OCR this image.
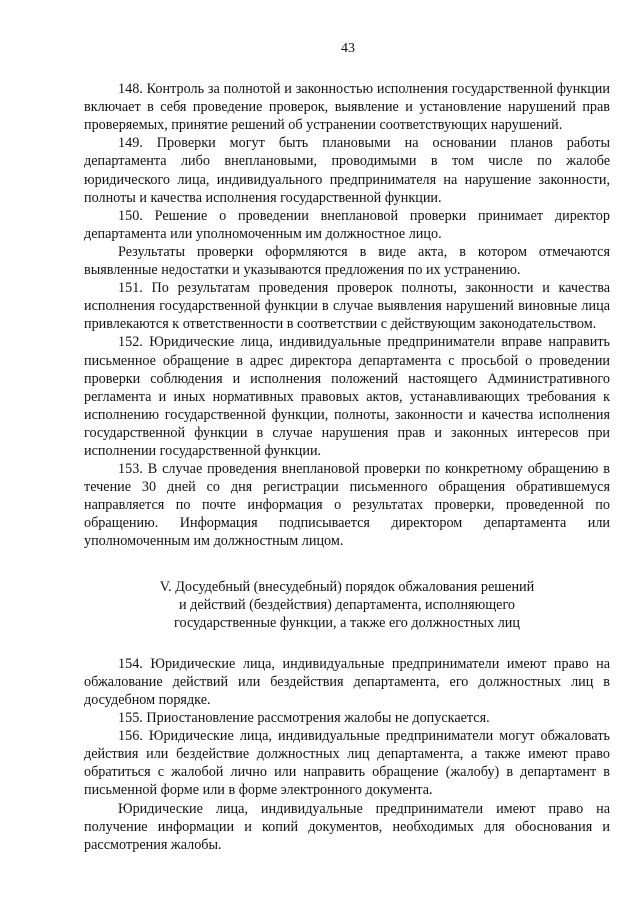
43

148. Контроль за полнотой и законностью исполнения государственной функции включает в себя проведение проверок, выявление и установление нарушений прав проверяемых, принятие решений об устранении соответствующих нарушений.

149. Проверки могут быть плановыми на основании планов работы департамента либо внеплановыми, проводимыми в том числе по жалобе юридического лица, индивидуального предпринимателя на нарушение законности, полноты и качества исполнения государственной функции.

150. Решение о проведении внеплановой проверки принимает директор департамента или уполномоченным им должностное лицо.

Результаты проверки оформляются в виде акта, в котором отмечаются выявленные недостатки и указываются предложения по их устранению.

151. По результатам проведения проверок полноты, законности и качества исполнения государственной функции в случае выявления нарушений виновные лица привлекаются к ответственности в соответствии с действующим законодательством.

152. Юридические лица, индивидуальные предприниматели вправе направить письменное обращение в адрес директора департамента с просьбой о проведении проверки соблюдения и исполнения положений настоящего Административного регламента и иных нормативных правовых актов, устанавливающих требования к исполнению государственной функции, полноты, законности и качества исполнения государственной функции в случае нарушения прав и законных интересов при исполнении государственной функции.

153. В случае проведения внеплановой проверки по конкретному обращению в течение 30 дней со дня регистрации письменного обращения обратившемуся направляется по почте информация о результатах проверки, проведенной по обращению. Информация подписывается директором департамента или уполномоченным им должностным лицом.

V. Досудебный (внесудебный) порядок обжалования решений
и действий (бездействия) департамента, исполняющего
государственные функции, а также его должностных лиц

154. Юридические лица, индивидуальные предприниматели имеют право на обжалование действий или бездействия департамента, его должностных лиц в досудебном порядке.

155. Приостановление рассмотрения жалобы не допускается.

156. Юридические лица, индивидуальные предприниматели могут обжаловать действия или бездействие должностных лиц департамента, а также имеют право обратиться с жалобой лично или направить обращение (жалобу) в департамент в письменной форме или в форме электронного документа.

Юридические лица, индивидуальные предприниматели имеют право на получение информации и копий документов, необходимых для обоснования и рассмотрения жалобы.
